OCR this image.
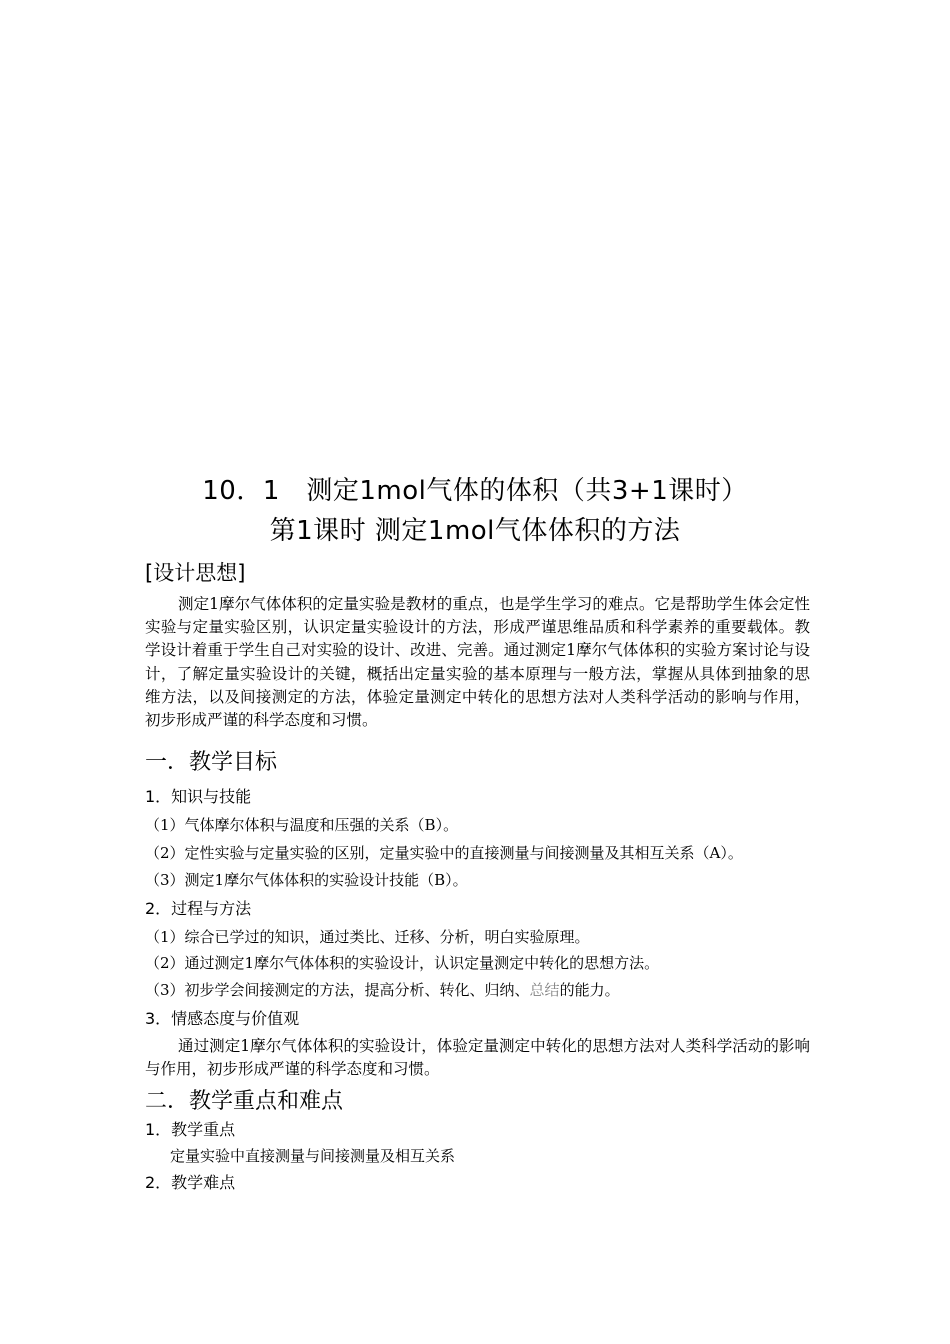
10．1　测定1mol气体的体积（共3+1课时）
第1课时 测定1mol气体体积的方法
[设计思想]
测定1摩尔气体体积的定量实验是教材的重点，也是学生学习的难点。它是帮助学生体会定性实验与定量实验区别，认识定量实验设计的方法，形成严谨思维品质和科学素养的重要载体。教学设计着重于学生自己对实验的设计、改进、完善。通过测定1摩尔气体体积的实验方案讨论与设计，了解定量实验设计的关键，概括出定量实验的基本原理与一般方法，掌握从具体到抽象的思维方法，以及间接测定的方法，体验定量测定中转化的思想方法对人类科学活动的影响与作用，初步形成严谨的科学态度和习惯。
一．教学目标
1．知识与技能
（1）气体摩尔体积与温度和压强的关系（B）。
（2）定性实验与定量实验的区别，定量实验中的直接测量与间接测量及其相互关系（A）。
（3）测定1摩尔气体体积的实验设计技能（B）。
2．过程与方法
（1）综合已学过的知识，通过类比、迁移、分析，明白实验原理。
（2）通过测定1摩尔气体体积的实验设计，认识定量测定中转化的思想方法。
（3）初步学会间接测定的方法，提高分析、转化、归纳、总结的能力。
3．情感态度与价值观
通过测定1摩尔气体体积的实验设计，体验定量测定中转化的思想方法对人类科学活动的影响与作用，初步形成严谨的科学态度和习惯。
二．教学重点和难点
1．教学重点
定量实验中直接测量与间接测量及相互关系
2．教学难点
